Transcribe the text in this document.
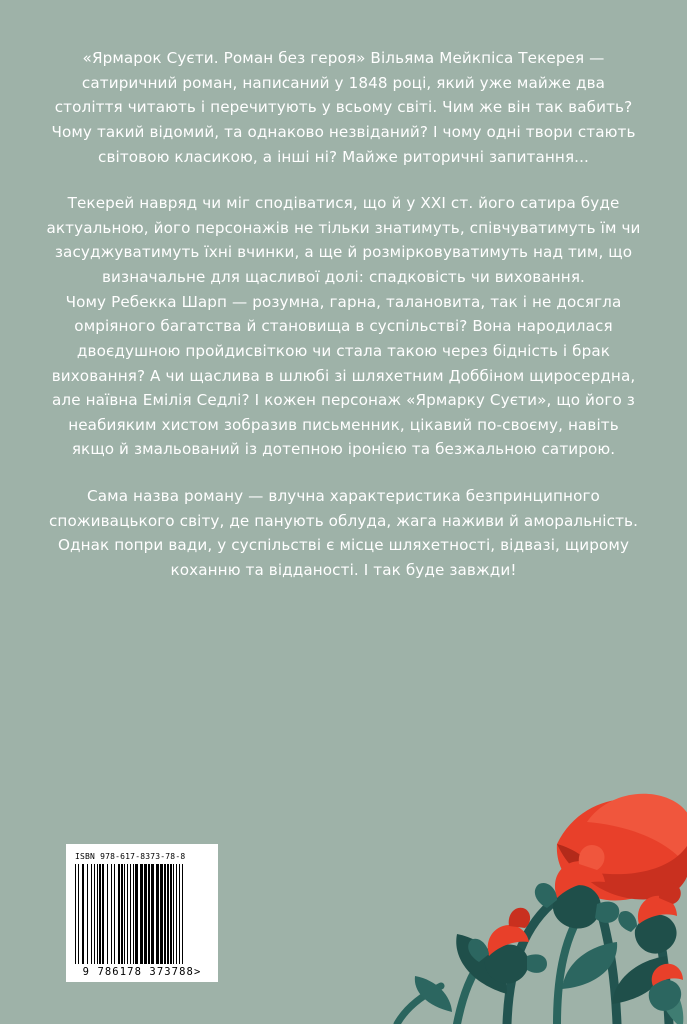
«Ярмарок Суєти. Роман без героя» Вільяма Мейкпіса Текерея — сатиричний роман, написаний у 1848 році, який уже майже два століття читають і перечитують у всьому світі. Чим же він так вабить? Чому такий відомий, та однаково незвіданий? І чому одні твори стають світовою класикою, а інші ні? Майже риторичні запитання...

Текерей навряд чи міг сподіватися, що й у XXI ст. його сатира буде актуальною, його персонажів не тільки знатимуть, співчуватимуть їм чи засуджуватимуть їхні вчинки, а ще й розмірковуватимуть над тим, що визначальне для щасливої долі: спадковість чи виховання.

Чому Ребекка Шарп — розумна, гарна, талановита, так і не досягла омріяного багатства й становища в суспільстві? Вона народилася двоєдушною пройдисвіткою чи стала такою через бідність і брак виховання? А чи щаслива в шлюбі зі шляхетним Доббіном щиросердна, але наївна Емілія Седлі? І кожен персонаж «Ярмарку Суєти», що його з неабияким хистом зобразив письменник, цікавий по-своєму, навіть якщо й змальований із дотепною іронією та безжальною сатирою.

Сама назва роману — влучна характеристика безпринципного споживацького світу, де панують облуда, жага наживи й аморальність. Однак попри вади, у суспільстві є місце шляхетності, відвазі, щирому коханню та відданості. І так буде завжди!

ISBN 978-617-8373-78-8
9 786178 373788>
